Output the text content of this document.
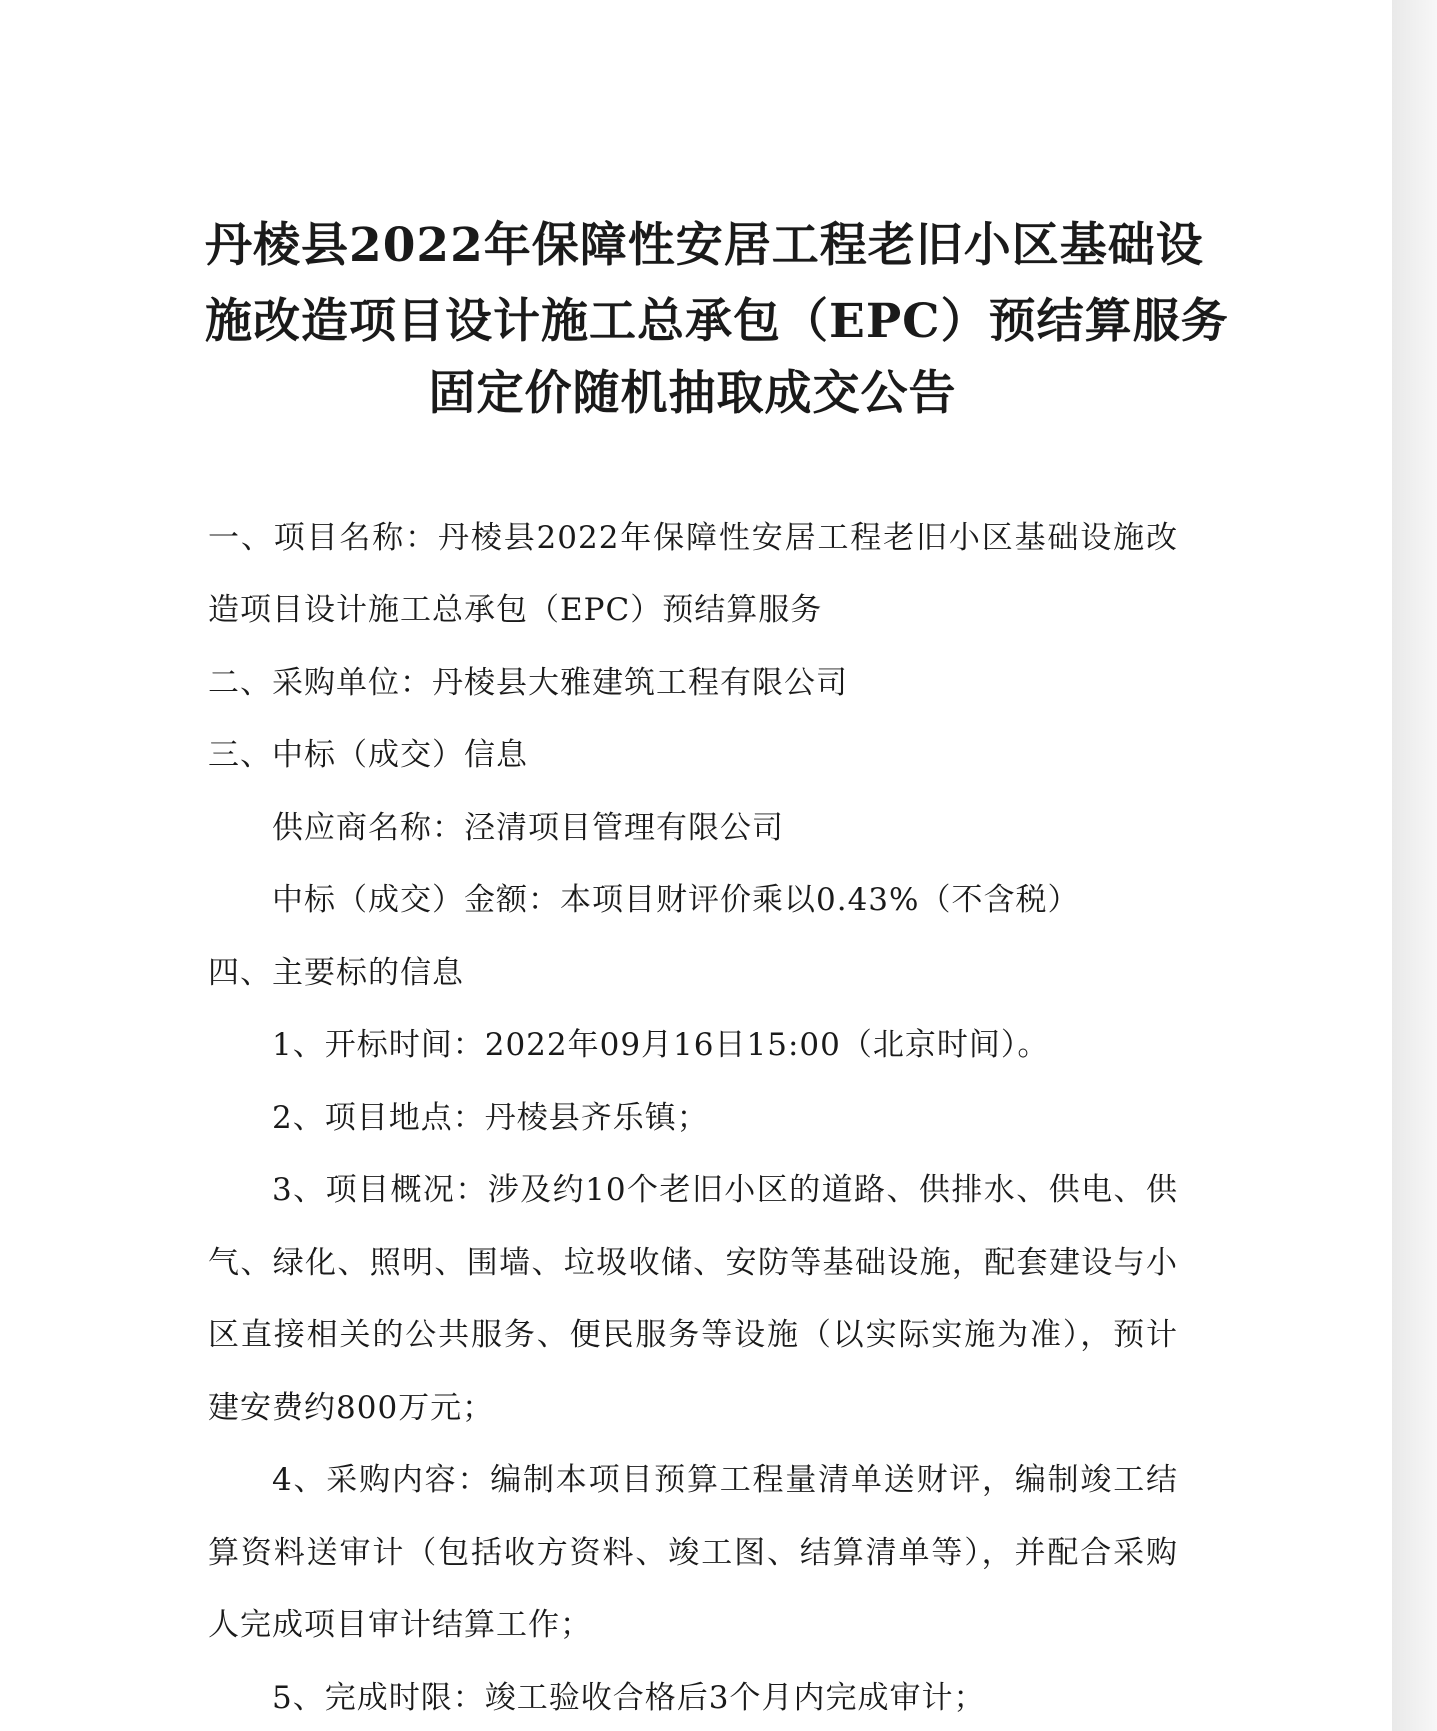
丹棱县2022年保障性安居工程老旧小区基础设
施改造项目设计施工总承包（EPC）预结算服务
固定价随机抽取成交公告
一、项目名称：丹棱县2022年保障性安居工程老旧小区基础设施改
造项目设计施工总承包（EPC）预结算服务
二、采购单位：丹棱县大雅建筑工程有限公司
三、中标（成交）信息
供应商名称：泾清项目管理有限公司
中标（成交）金额：本项目财评价乘以0.43%（不含税）
四、主要标的信息
1、开标时间：2022年09月16日15:00（北京时间）。
2、项目地点：丹棱县齐乐镇；
3、项目概况：涉及约10个老旧小区的道路、供排水、供电、供
气、绿化、照明、围墙、垃圾收储、安防等基础设施，配套建设与小
区直接相关的公共服务、便民服务等设施（以实际实施为准），预计
建安费约800万元；
4、采购内容：编制本项目预算工程量清单送财评，编制竣工结
算资料送审计（包括收方资料、竣工图、结算清单等），并配合采购
人完成项目审计结算工作；
5、完成时限：竣工验收合格后3个月内完成审计；
